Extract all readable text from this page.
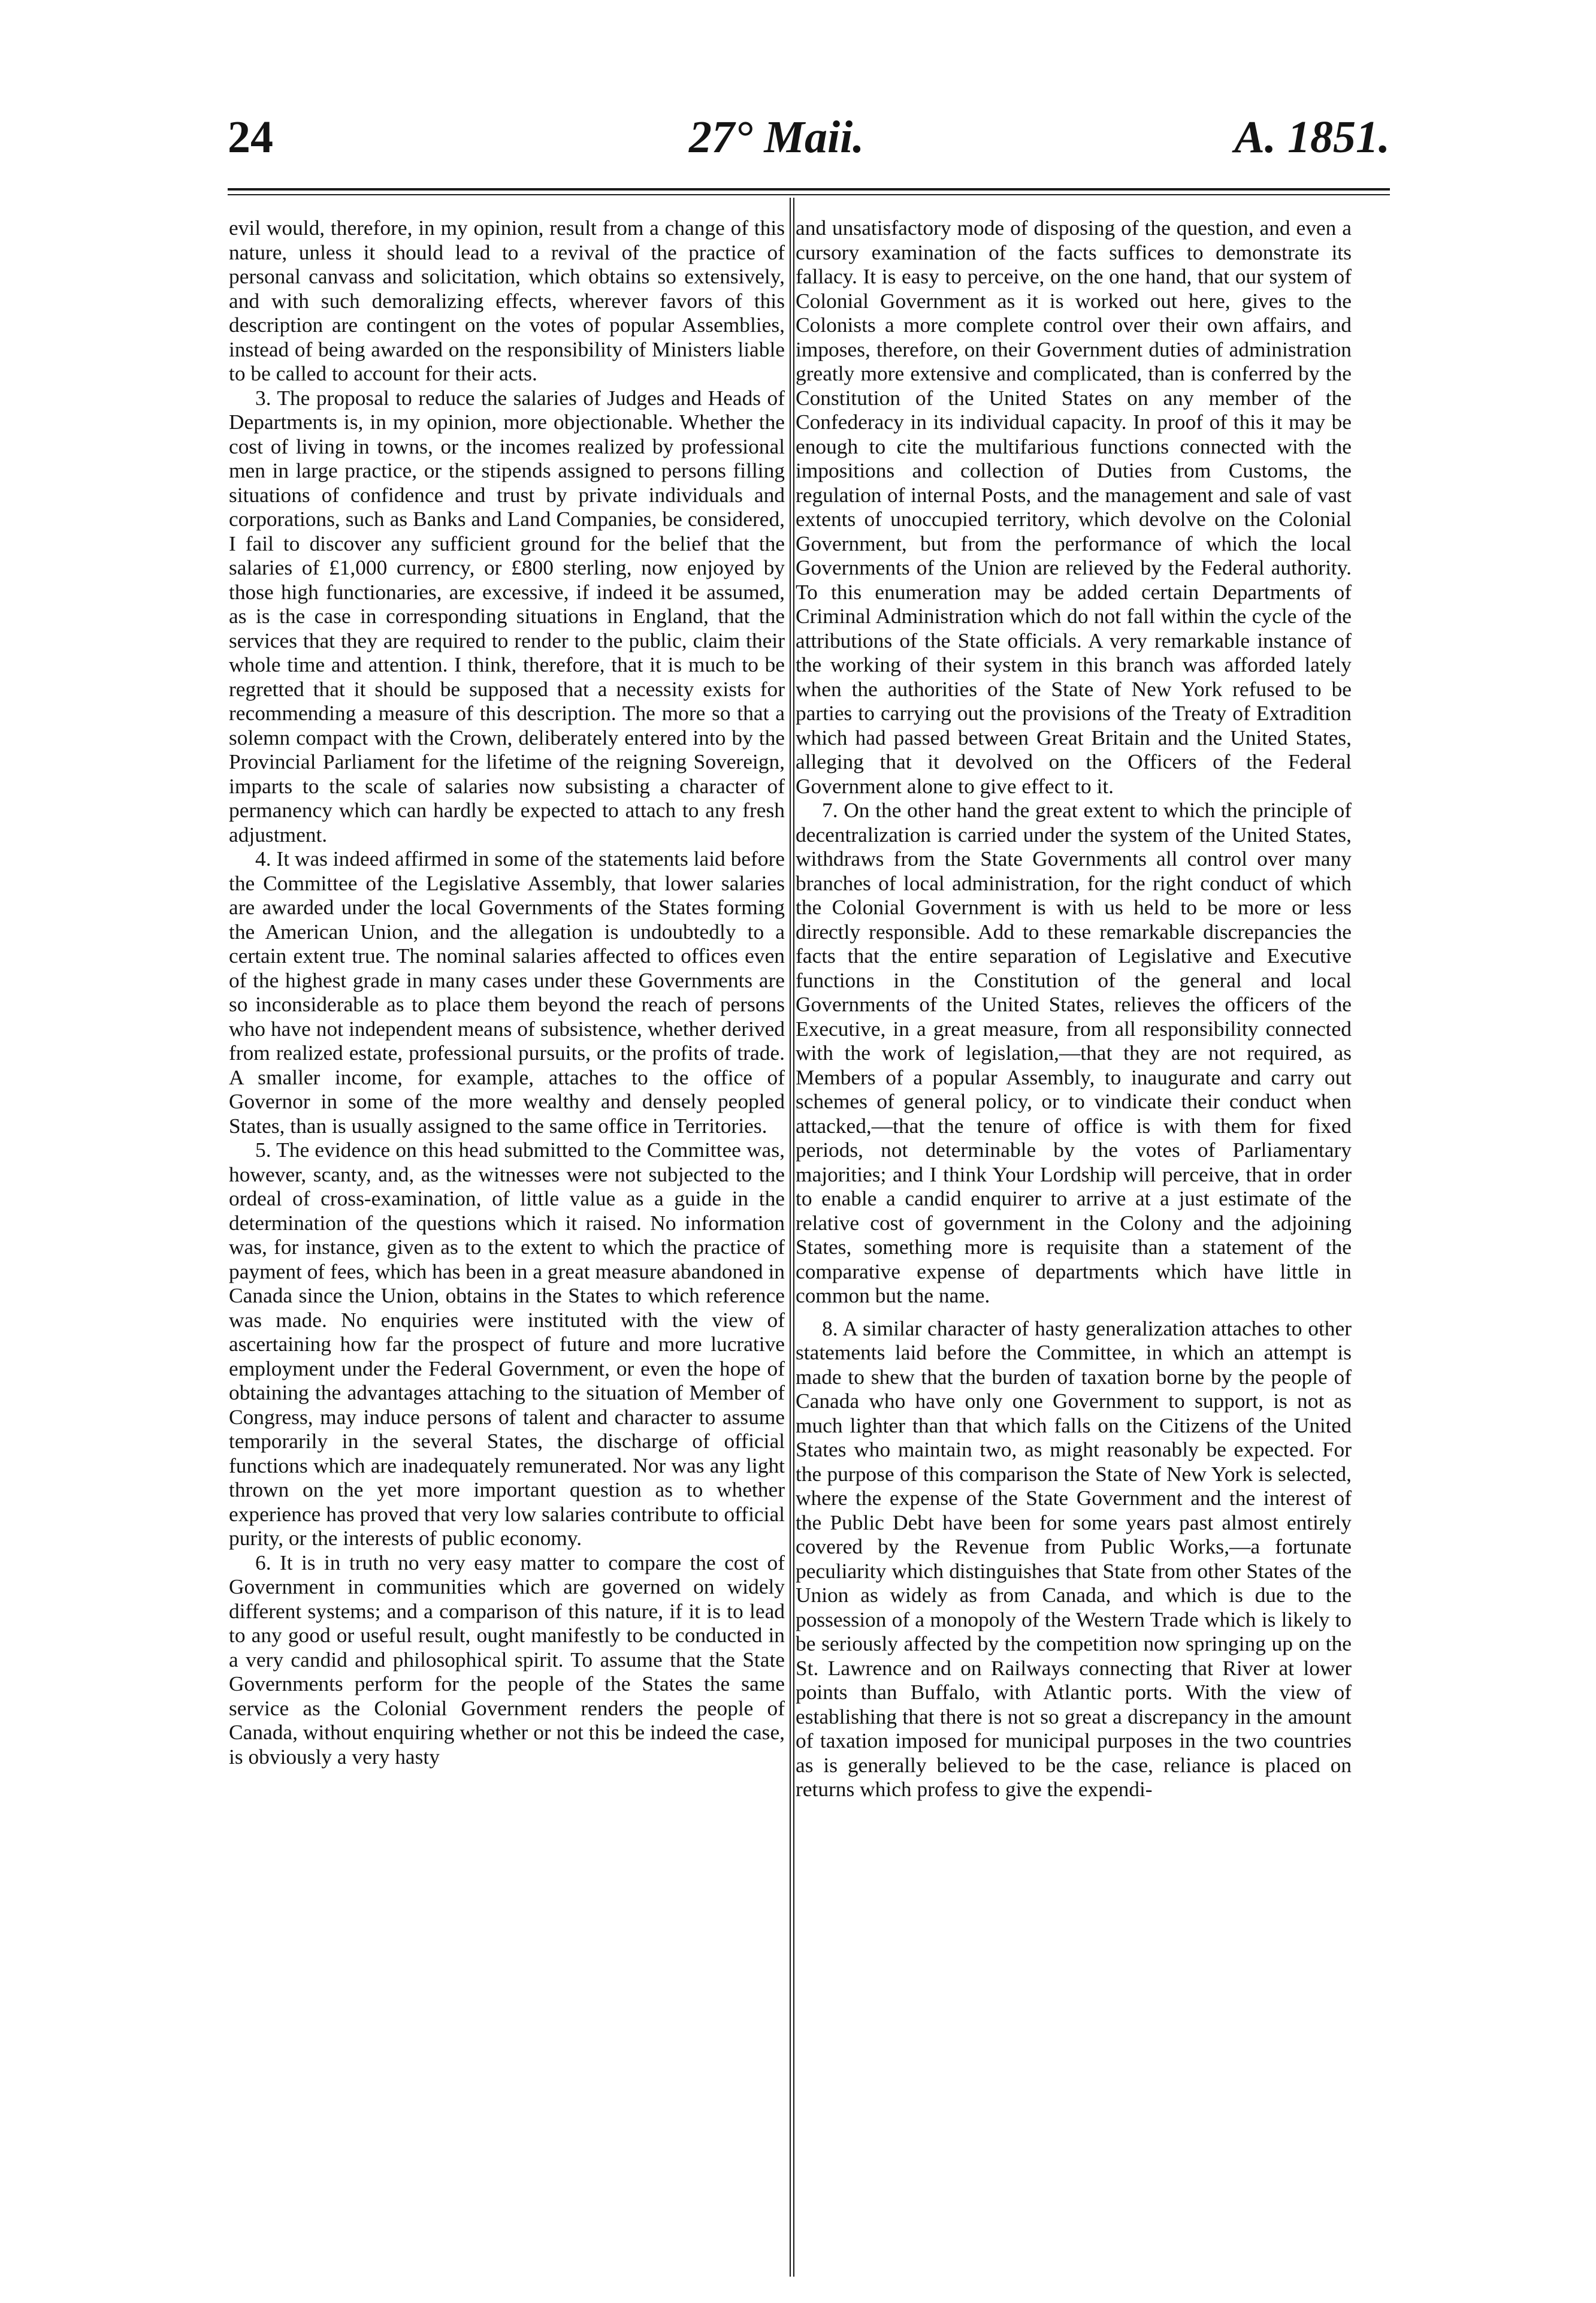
24	27° Maii.	A. 1851.

evil would, therefore, in my opinion, result from a change of this nature, unless it should lead to a revival of the practice of personal canvass and solicitation, which obtains so extensively, and with such demoralizing effects, wherever favors of this description are contingent on the votes of popular Assemblies, instead of being awarded on the responsibility of Ministers liable to be called to account for their acts.

3. The proposal to reduce the salaries of Judges and Heads of Departments is, in my opinion, more objectionable. Whether the cost of living in towns, or the incomes realized by professional men in large practice, or the stipends assigned to persons filling situations of confidence and trust by private individuals and corporations, such as Banks and Land Companies, be considered, I fail to discover any sufficient ground for the belief that the salaries of £1,000 currency, or £800 sterling, now enjoyed by those high functionaries, are excessive, if indeed it be assumed, as is the case in corresponding situations in England, that the services that they are required to render to the public, claim their whole time and attention. I think, therefore, that it is much to be regretted that it should be supposed that a necessity exists for recommending a measure of this description. The more so that a solemn compact with the Crown, deliberately entered into by the Provincial Parliament for the lifetime of the reigning Sovereign, imparts to the scale of salaries now subsisting a character of permanency which can hardly be expected to attach to any fresh adjustment.

4. It was indeed affirmed in some of the statements laid before the Committee of the Legislative Assembly, that lower salaries are awarded under the local Governments of the States forming the American Union, and the allegation is undoubtedly to a certain extent true. The nominal salaries affected to offices even of the highest grade in many cases under these Governments are so inconsiderable as to place them beyond the reach of persons who have not independent means of subsistence, whether derived from realized estate, professional pursuits, or the profits of trade. A smaller income, for example, attaches to the office of Governor in some of the more wealthy and densely peopled States, than is usually assigned to the same office in Territories.

5. The evidence on this head submitted to the Committee was, however, scanty, and, as the witnesses were not subjected to the ordeal of cross-examination, of little value as a guide in the determination of the questions which it raised. No information was, for instance, given as to the extent to which the practice of payment of fees, which has been in a great measure abandoned in Canada since the Union, obtains in the States to which reference was made. No enquiries were instituted with the view of ascertaining how far the prospect of future and more lucrative employment under the Federal Government, or even the hope of obtaining the advantages attaching to the situation of Member of Congress, may induce persons of talent and character to assume temporarily in the several States, the discharge of official functions which are inadequately remunerated. Nor was any light thrown on the yet more important question as to whether experience has proved that very low salaries contribute to official purity, or the interests of public economy.

6. It is in truth no very easy matter to compare the cost of Government in communities which are governed on widely different systems; and a comparison of this nature, if it is to lead to any good or useful result, ought manifestly to be conducted in a very candid and philosophical spirit. To assume that the State Governments perform for the people of the States the same service as the Colonial Government renders the people of Canada, without enquiring whether or not this be indeed the case, is obviously a very hasty

and unsatisfactory mode of disposing of the question, and even a cursory examination of the facts suffices to demonstrate its fallacy. It is easy to perceive, on the one hand, that our system of Colonial Government as it is worked out here, gives to the Colonists a more complete control over their own affairs, and imposes, therefore, on their Government duties of administration greatly more extensive and complicated, than is conferred by the Constitution of the United States on any member of the Confederacy in its individual capacity. In proof of this it may be enough to cite the multifarious functions connected with the impositions and collection of Duties from Customs, the regulation of internal Posts, and the management and sale of vast extents of unoccupied territory, which devolve on the Colonial Government, but from the performance of which the local Governments of the Union are relieved by the Federal authority. To this enumeration may be added certain Departments of Criminal Administration which do not fall within the cycle of the attributions of the State officials. A very remarkable instance of the working of their system in this branch was afforded lately when the authorities of the State of New York refused to be parties to carrying out the provisions of the Treaty of Extradition which had passed between Great Britain and the United States, alleging that it devolved on the Officers of the Federal Government alone to give effect to it.

7. On the other hand the great extent to which the principle of decentralization is carried under the system of the United States, withdraws from the State Governments all control over many branches of local administration, for the right conduct of which the Colonial Government is with us held to be more or less directly responsible. Add to these remarkable discrepancies the facts that the entire separation of Legislative and Executive functions in the Constitution of the general and local Governments of the United States, relieves the officers of the Executive, in a great measure, from all responsibility connected with the work of legislation,—that they are not required, as Members of a popular Assembly, to inaugurate and carry out schemes of general policy, or to vindicate their conduct when attacked,—that the tenure of office is with them for fixed periods, not determinable by the votes of Parliamentary majorities; and I think Your Lordship will perceive, that in order to enable a candid enquirer to arrive at a just estimate of the relative cost of government in the Colony and the adjoining States, something more is requisite than a statement of the comparative expense of departments which have little in common but the name.

8. A similar character of hasty generalization attaches to other statements laid before the Committee, in which an attempt is made to shew that the burden of taxation borne by the people of Canada who have only one Government to support, is not as much lighter than that which falls on the Citizens of the United States who maintain two, as might reasonably be expected. For the purpose of this comparison the State of New York is selected, where the expense of the State Government and the interest of the Public Debt have been for some years past almost entirely covered by the Revenue from Public Works,—a fortunate peculiarity which distinguishes that State from other States of the Union as widely as from Canada, and which is due to the possession of a monopoly of the Western Trade which is likely to be seriously affected by the competition now springing up on the St. Lawrence and on Railways connecting that River at lower points than Buffalo, with Atlantic ports. With the view of establishing that there is not so great a discrepancy in the amount of taxation imposed for municipal purposes in the two countries as is generally believed to be the case, reliance is placed on returns which profess to give the expendi-
